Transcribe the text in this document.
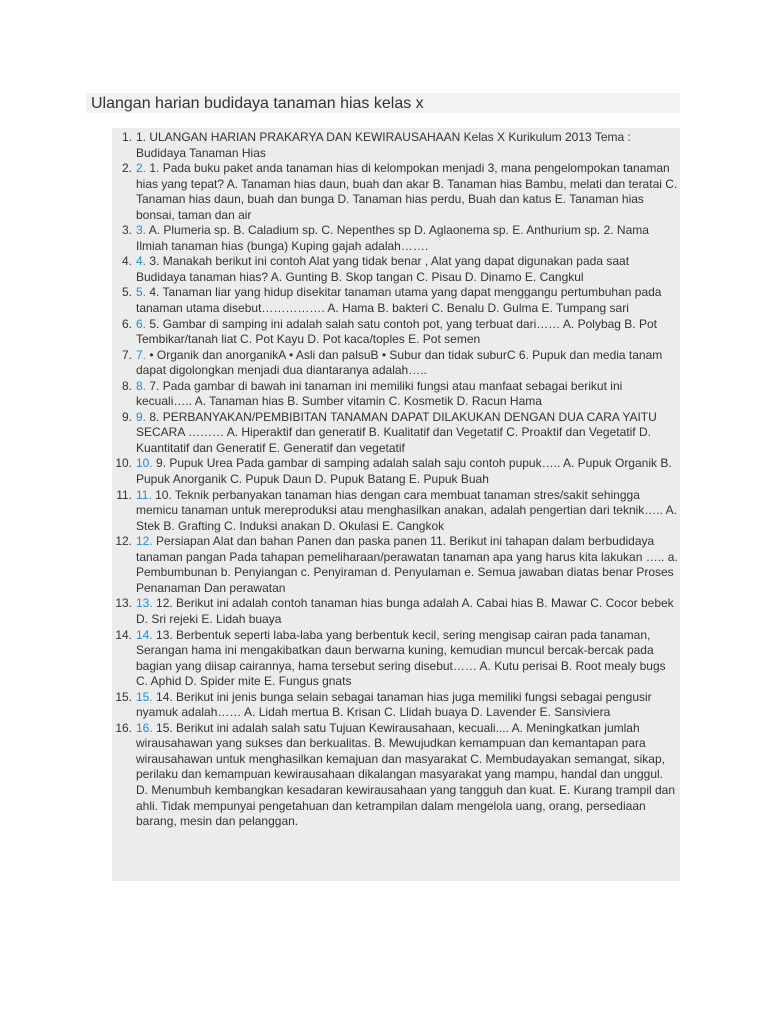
Ulangan harian budidaya tanaman hias kelas x
1. 1. ULANGAN HARIAN PRAKARYA DAN KEWIRAUSAHAAN Kelas X Kurikulum 2013 Tema : Budidaya Tanaman Hias
2. 2. 1. Pada buku paket anda tanaman hias di kelompokan menjadi 3, mana pengelompokan tanaman hias yang tepat? A. Tanaman hias daun, buah dan akar B. Tanaman hias Bambu, melati dan teratai C. Tanaman hias daun, buah dan bunga D. Tanaman hias perdu, Buah dan katus E. Tanaman hias bonsai, taman dan air
3. 3. A. Plumeria sp. B. Caladium sp. C. Nepenthes sp D. Aglaonema sp. E. Anthurium sp. 2. Nama Ilmiah tanaman hias (bunga) Kuping gajah adalah…….
4. 4. 3. Manakah berikut ini contoh Alat yang tidak benar , Alat yang dapat digunakan pada saat Budidaya tanaman hias? A. Gunting B. Skop tangan C. Pisau D. Dinamo E. Cangkul
5. 5. 4. Tanaman liar yang hidup disekitar tanaman utama yang dapat menggangu pertumbuhan pada tanaman utama disebut……………. A. Hama B. bakteri C. Benalu D. Gulma E. Tumpang sari
6. 6. 5. Gambar di samping ini adalah salah satu contoh pot, yang terbuat dari…… A. Polybag B. Pot Tembikar/tanah liat C. Pot Kayu D. Pot kaca/toples E. Pot semen
7. 7. • Organik dan anorganikA • Asli dan palsuB • Subur dan tidak suburC 6. Pupuk dan media tanam dapat digolongkan menjadi dua diantaranya adalah…..
8. 8. 7. Pada gambar di bawah ini tanaman ini memiliki fungsi atau manfaat sebagai berikut ini kecuali….. A. Tanaman hias B. Sumber vitamin C. Kosmetik D. Racun Hama
9. 9. 8. PERBANYAKAN/PEMBIBITAN TANAMAN DAPAT DILAKUKAN DENGAN DUA CARA YAITU SECARA ……… A. Hiperaktif dan generatif B. Kualitatif dan Vegetatif C. Proaktif dan Vegetatif D. Kuantitatif dan Generatif E. Generatif dan vegetatif
10. 10. 9. Pupuk Urea Pada gambar di samping adalah salah saju contoh pupuk….. A. Pupuk Organik B. Pupuk Anorganik C. Pupuk Daun D. Pupuk Batang E. Pupuk Buah
11. 11. 10. Teknik perbanyakan tanaman hias dengan cara membuat tanaman stres/sakit sehingga memicu tanaman untuk mereproduksi atau menghasilkan anakan, adalah pengertian dari teknik….. A. Stek B. Grafting C. Induksi anakan D. Okulasi E. Cangkok
12. 12. Persiapan Alat dan bahan Panen dan paska panen 11. Berikut ini tahapan dalam berbudidaya tanaman pangan Pada tahapan pemeliharaan/perawatan tanaman apa yang harus kita lakukan ….. a. Pembumbunan b. Penyiangan c. Penyiraman d. Penyulaman e. Semua jawaban diatas benar Proses Penanaman Dan perawatan
13. 13. 12. Berikut ini adalah contoh tanaman hias bunga adalah A. Cabai hias B. Mawar C. Cocor bebek D. Sri rejeki E. Lidah buaya
14. 14. 13. Berbentuk seperti laba-laba yang berbentuk kecil, sering mengisap cairan pada tanaman, Serangan hama ini mengakibatkan daun berwarna kuning, kemudian muncul bercak-bercak pada bagian yang diisap cairannya, hama tersebut sering disebut…… A. Kutu perisai B. Root mealy bugs C. Aphid D. Spider mite E. Fungus gnats
15. 15. 14. Berikut ini jenis bunga selain sebagai tanaman hias juga memiliki fungsi sebagai pengusir nyamuk adalah…… A. Lidah mertua B. Krisan C. Llidah buaya D. Lavender E. Sansiviera
16. 16. 15. Berikut ini adalah salah satu Tujuan Kewirausahaan, kecuali.... A. Meningkatkan jumlah wirausahawan yang sukses dan berkualitas. B. Mewujudkan kemampuan dan kemantapan para wirausahawan untuk menghasilkan kemajuan dan masyarakat C. Membudayakan semangat, sikap, perilaku dan kemampuan kewirausahaan dikalangan masyarakat yang mampu, handal dan unggul. D. Menumbuh kembangkan kesadaran kewirausahaan yang tangguh dan kuat. E. Kurang trampil dan ahli. Tidak mempunyai pengetahuan dan ketrampilan dalam mengelola uang, orang, persediaan barang, mesin dan pelanggan.
